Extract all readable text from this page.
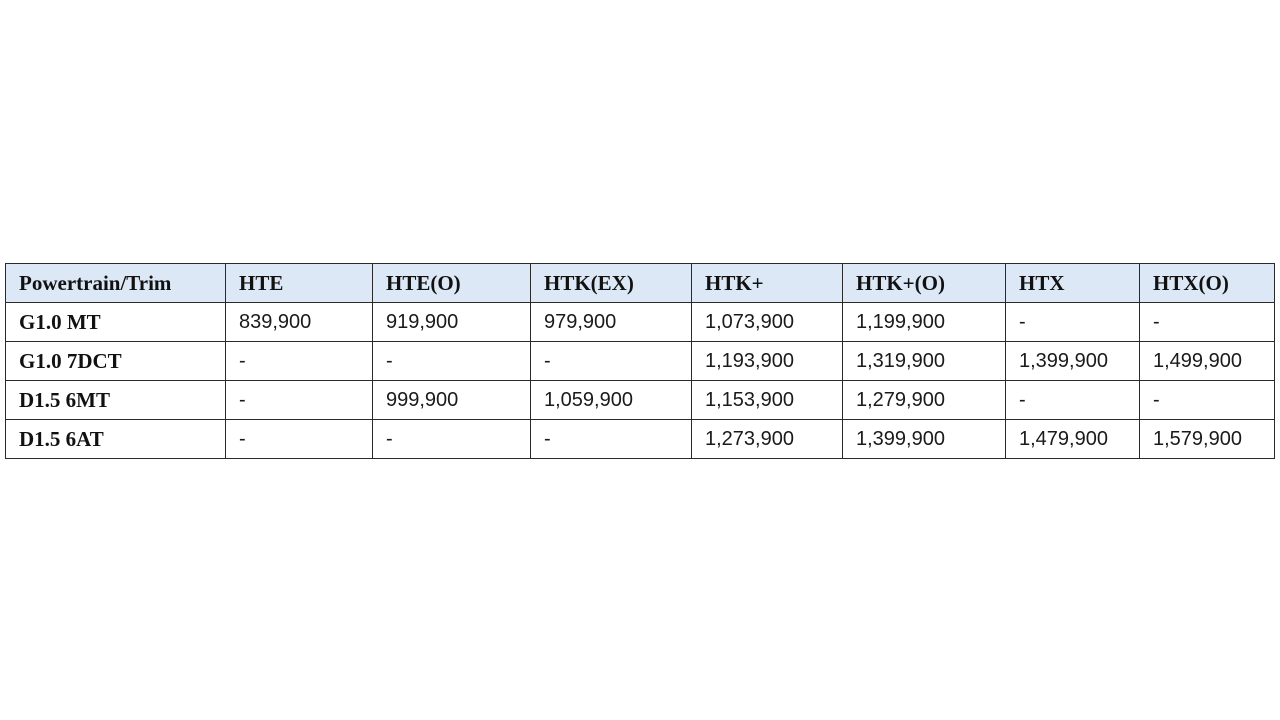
Powertrain/Trim	HTE	HTE(O)	HTK(EX)	HTK+	HTK+(O)	HTX	HTX(O)
G1.0 MT	839,900	919,900	979,900	1,073,900	1,199,900	-	-
G1.0 7DCT	-	-	-	1,193,900	1,319,900	1,399,900	1,499,900
D1.5 6MT	-	999,900	1,059,900	1,153,900	1,279,900	-	-
D1.5 6AT	-	-	-	1,273,900	1,399,900	1,479,900	1,579,900
